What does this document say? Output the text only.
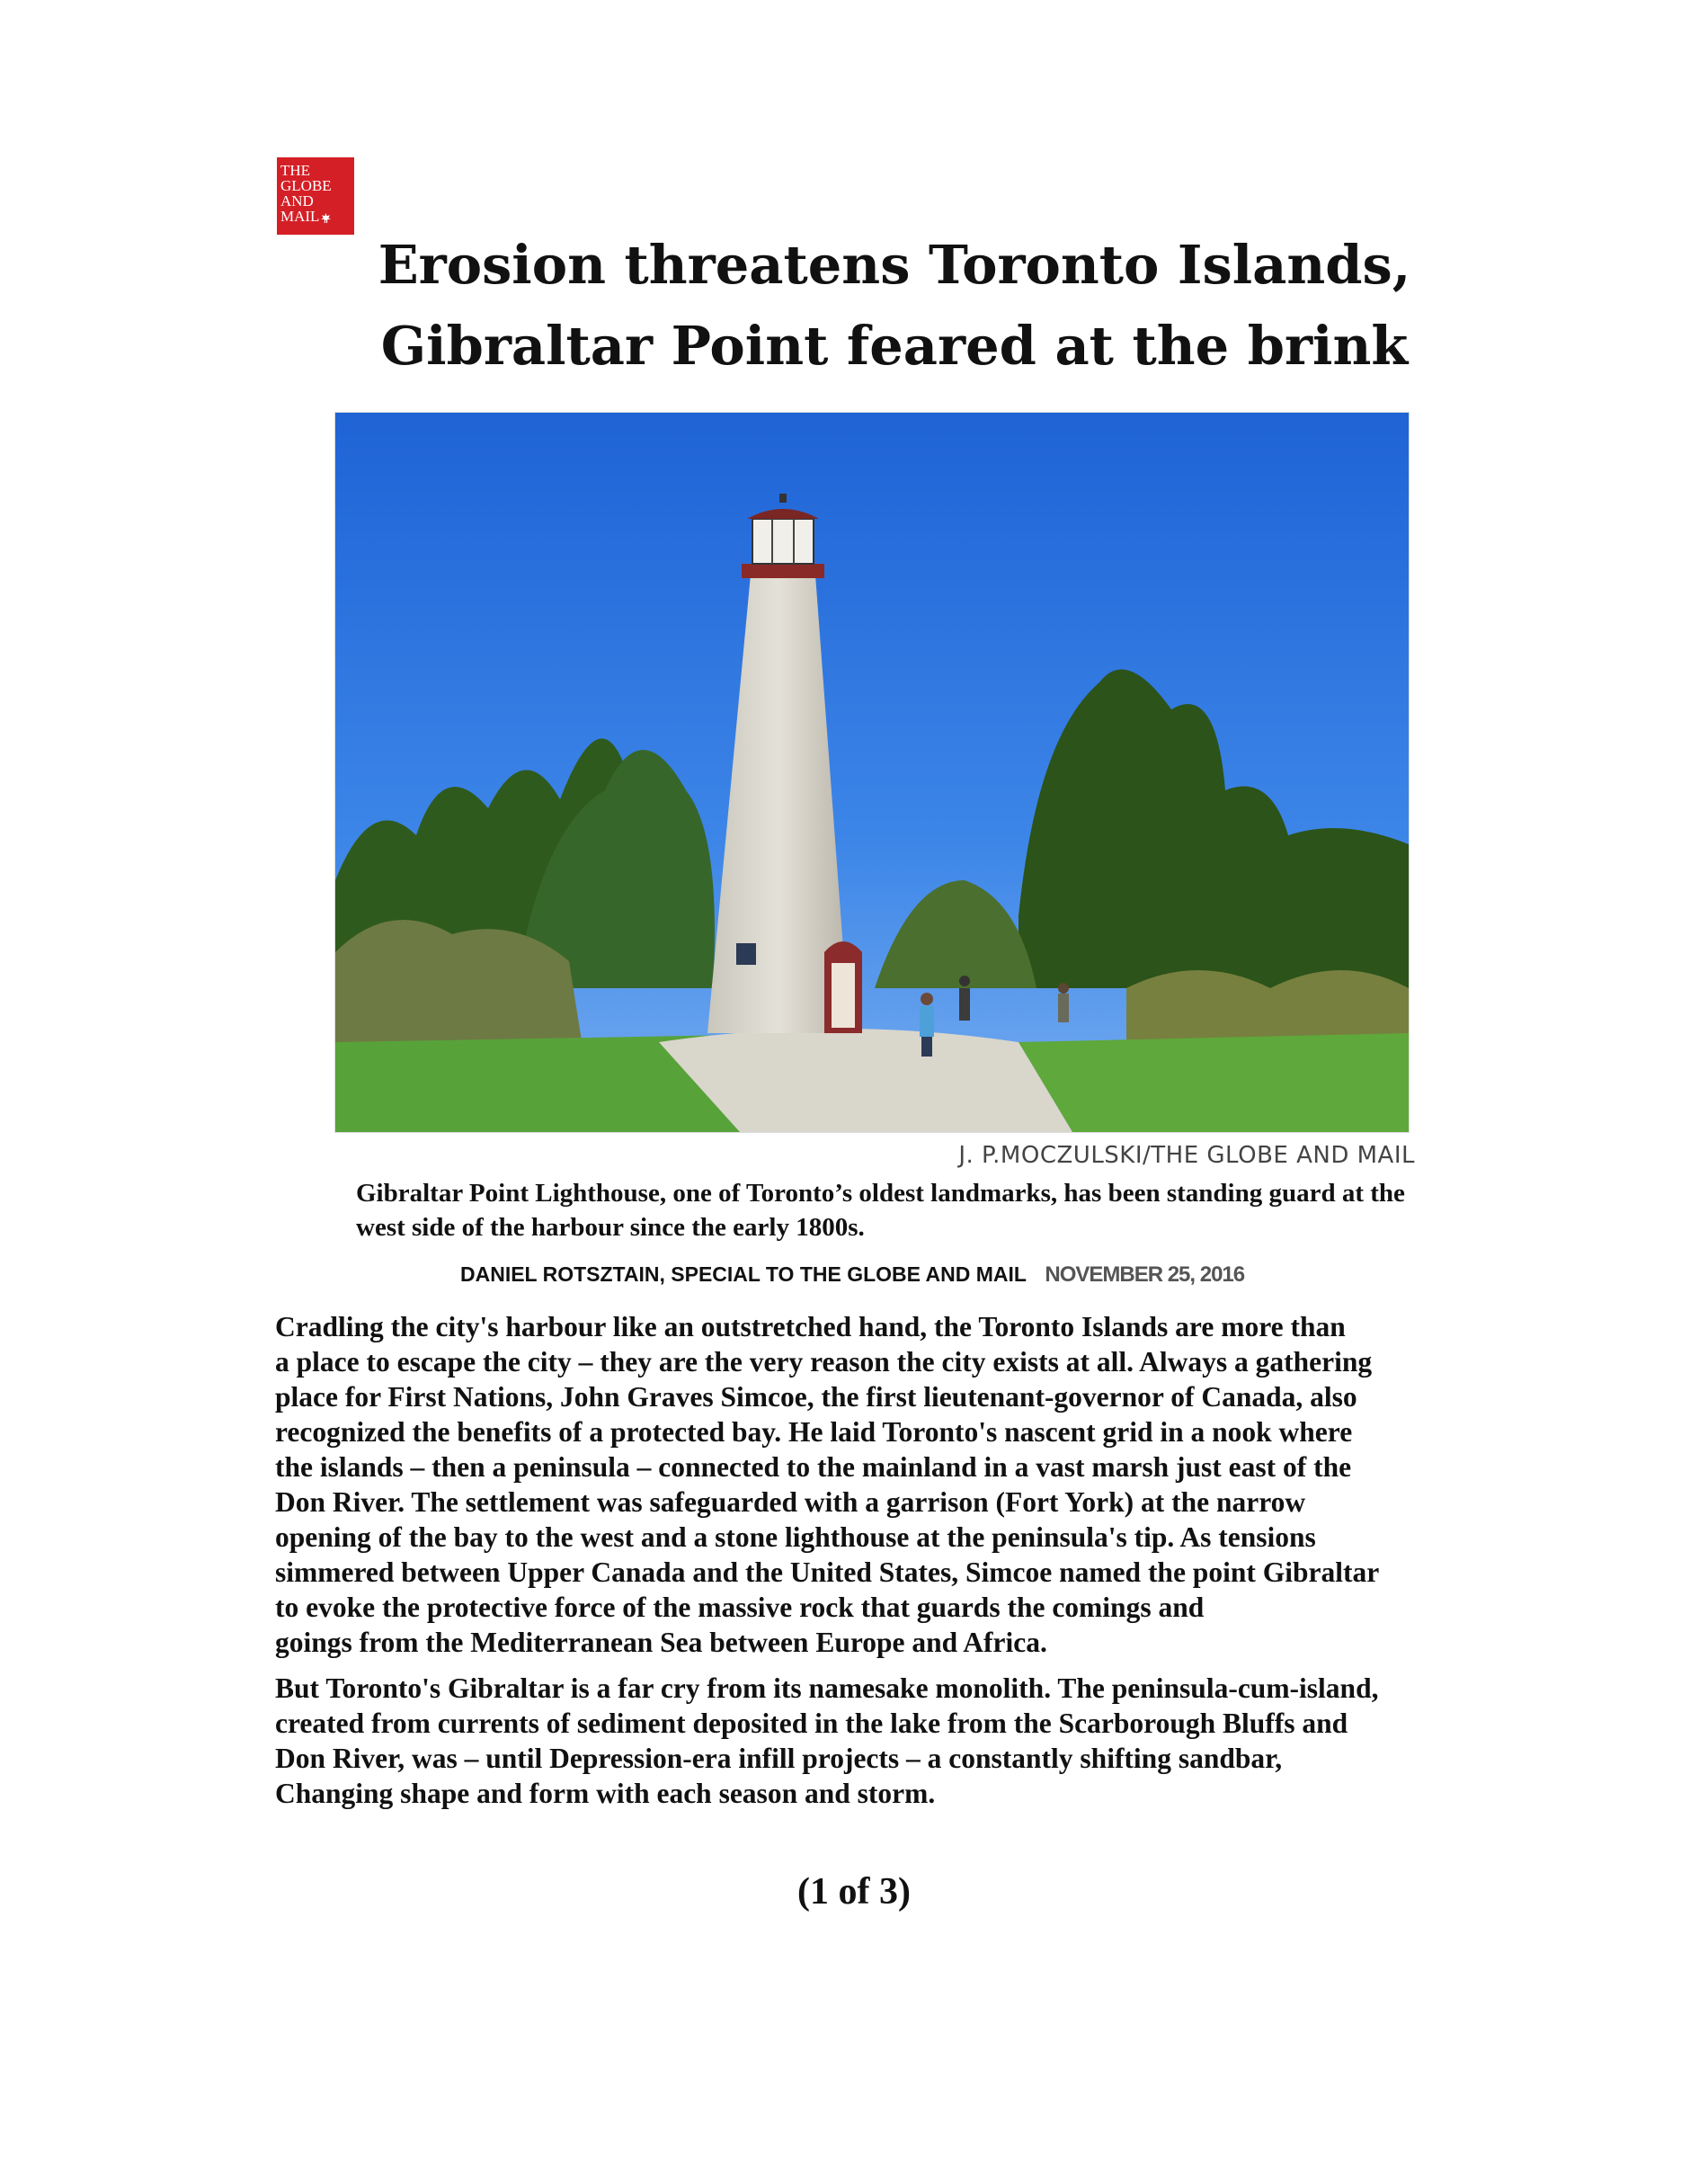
THE
GLOBE
AND
MAIL
Erosion threatens Toronto Islands,
Gibraltar Point feared at the brink

J. P.MOCZULSKI/THE GLOBE AND MAIL

Gibraltar Point Lighthouse, one of Toronto’s oldest landmarks, has been standing guard at the west side of the harbour since the early 1800s.

DANIEL ROTSZTAIN, SPECIAL TO THE GLOBE AND MAIL NOVEMBER 25, 2016

Cradling the city's harbour like an outstretched hand, the Toronto Islands are more than
a place to escape the city – they are the very reason the city exists at all. Always a gathering
place for First Nations, John Graves Simcoe, the first lieutenant-governor of Canada, also
recognized the benefits of a protected bay. He laid Toronto's nascent grid in a nook where
the islands – then a peninsula – connected to the mainland in a vast marsh just east of the
Don River. The settlement was safeguarded with a garrison (Fort York) at the narrow
opening of the bay to the west and a stone lighthouse at the peninsula's tip. As tensions
simmered between Upper Canada and the United States, Simcoe named the point Gibraltar
to evoke the protective force of the massive rock that guards the comings and
goings from the Mediterranean Sea between Europe and Africa.
But Toronto's Gibraltar is a far cry from its namesake monolith. The peninsula-cum-island,
created from currents of sediment deposited in the lake from the Scarborough Bluffs and
Don River, was – until Depression-era infill projects – a constantly shifting sandbar,
Changing shape and form with each season and storm.

(1 of 3)
